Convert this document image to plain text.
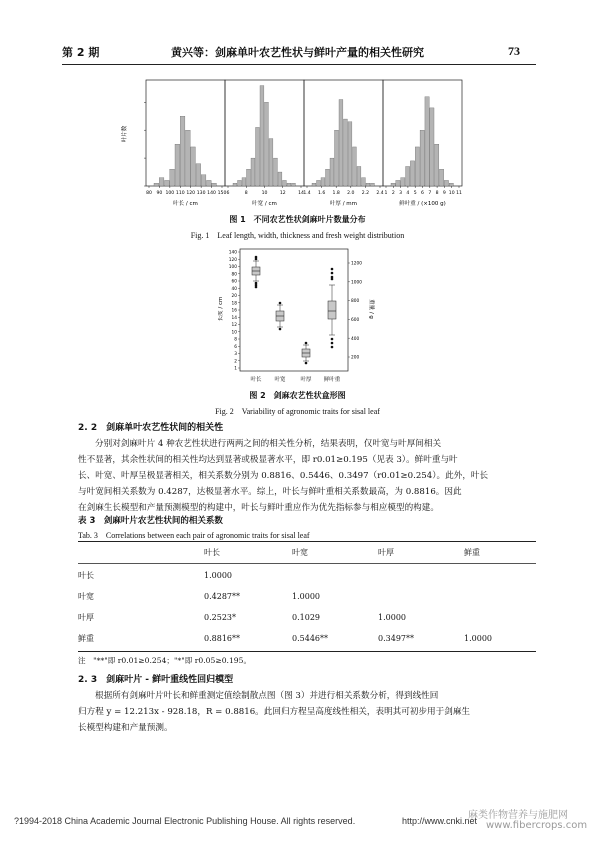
第 2 期	黄兴等：剑麻单叶农艺性状与鲜叶产量的相关性研究	73
叶片数
80 90 100 110 120 130 140 150
叶长 / cm
6	8	10	12	14
叶宽 / cm
1.4 1.6 1.8 2.0 2.2 2.4
叶厚 / mm
1 2 3 4 5 6 7 8 9 10 11
鲜叶重 / (×100 g)
图 1　不同农艺性状剑麻叶片数量分布
Fig. 1　Leaf length, width, thickness and fresh weight distribution
长度 / cm	重量 / g
140
120
100
80
60
40
20
18
16
14
12
10
8
6
3
2
1
1200
1000
800
600
400
200
叶长 叶宽	叶厚 鲜叶重
图 2　剑麻农艺性状盒形图
Fig. 2　Variability of agronomic traits for sisal leaf
2. 2　剑麻单叶农艺性状间的相关性
分别对剑麻叶片 4 种农艺性状进行两两之间的相关性分析，结果表明，仅叶宽与叶厚间相关
性不显著，其余性状间的相关性均达到显著或极显著水平，即 r0.01≥0.195（见表 3）。鲜叶重与叶
长、叶宽、叶厚呈极显著相关，相关系数分别为 0.8816、0.5446、0.3497（r0.01≥0.254）。此外，叶长
与叶宽间相关系数为 0.4287，达极显著水平。综上，叶长与鲜叶重相关系数最高，为 0.8816。因此
在剑麻生长模型和产量预测模型的构建中，叶长与鲜叶重应作为优先指标参与相应模型的构建。
表 3　剑麻叶片农艺性状间的相关系数
Tab. 3　Correlations between each pair of agronomic traits for sisal leaf
	叶长	叶宽	叶厚	鲜重
叶长	1.0000			
叶宽	0.4287**	1.0000		
叶厚	0.2523*	0.1029	1.0000	
鲜重	0.8816**	0.5446**	0.3497**	1.0000
注　"**"即 r0.01≥0.254；"*"即 r0.05≥0.195。
2. 3　剑麻叶片 - 鲜叶重线性回归模型
根据所有剑麻叶片叶长和鲜重测定值绘制散点图（图 3）并进行相关系数分析，得到线性回
归方程 y = 12.213x - 928.18，R = 0.8816。此回归方程呈高度线性相关，表明其可初步用于剑麻生
长模型构建和产量预测。
?1994-2018 China Academic Journal Electronic Publishing House. All rights reserved.	http://www.cnki.net
麻类作物营养与施肥网
www.fibercrops.com
